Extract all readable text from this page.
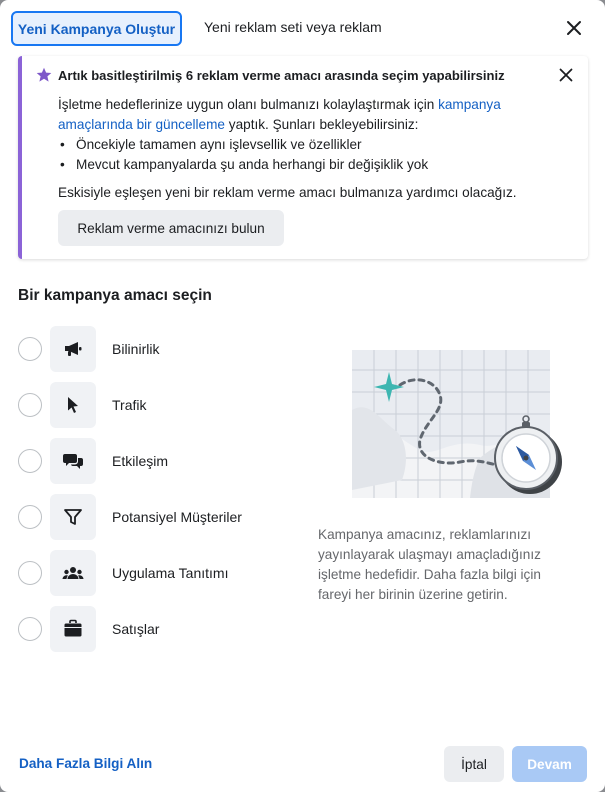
Yeni Kampanya Oluştur	Yeni reklam seti veya reklam
Artık basitleştirilmiş 6 reklam verme amacı arasında seçim yapabilirsiniz
İşletme hedeflerinize uygun olanı bulmanızı kolaylaştırmak için kampanya amaçlarında bir güncelleme yaptık. Şunları bekleyebilirsiniz:
• Öncekiyle tamamen aynı işlevsellik ve özellikler
• Mevcut kampanyalarda şu anda herhangi bir değişiklik yok
Eskisiyle eşleşen yeni bir reklam verme amacı bulmanıza yardımcı olacağız.
Reklam verme amacınızı bulun
Bir kampanya amacı seçin
Bilinirlik
Trafik
Etkileşim
Potansiyel Müşteriler
Uygulama Tanıtımı
Satışlar
Kampanya amacınız, reklamlarınızı yayınlayarak ulaşmayı amaçladığınız işletme hedefidir. Daha fazla bilgi için fareyi her birinin üzerine getirin.
Daha Fazla Bilgi Alın	İptal	Devam
